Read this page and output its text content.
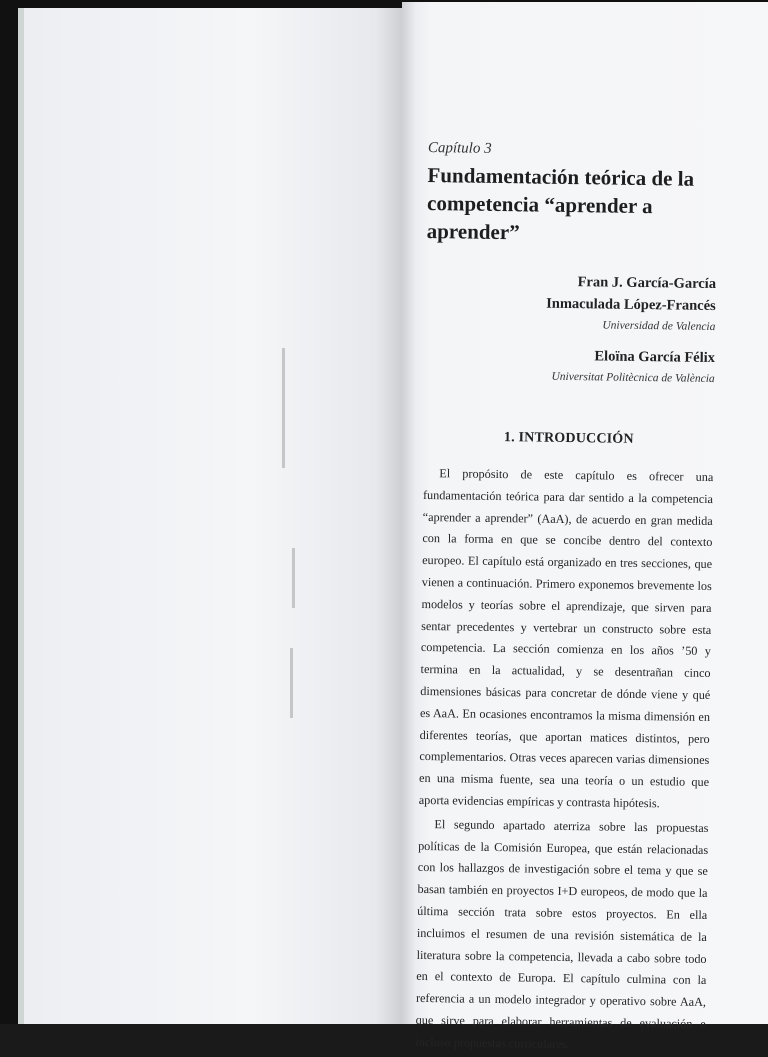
Capítulo 3

Fundamentación teórica de la competencia “aprender a aprender”
Fran J. García-García
Inmaculada López-Francés
Universidad de Valencia
Eloïna García Félix
Universitat Politècnica de València
1. INTRODUCCIÓN

El propósito de este capítulo es ofrecer una fundamentación teórica para dar sentido a la competencia “aprender a aprender” (AaA), de acuerdo en gran medida con la forma en que se concibe dentro del contexto europeo. El capítulo está organizado en tres secciones, que vienen a continuación. Primero exponemos brevemente los modelos y teorías sobre el aprendizaje, que sirven para sentar precedentes y vertebrar un constructo sobre esta competencia. La sección comienza en los años ’50 y termina en la actualidad, y se desentrañan cinco dimensiones básicas para concretar de dónde viene y qué es AaA. En ocasiones encontramos la misma dimensión en diferentes teorías, que aportan matices distintos, pero complementarios. Otras veces aparecen varias dimensiones en una misma fuente, sea una teoría o un estudio que aporta evidencias empíricas y contrasta hipótesis.

El segundo apartado aterriza sobre las propuestas políticas de la Comisión Europea, que están relacionadas con los hallazgos de investigación sobre el tema y que se basan también en proyectos I+D europeos, de modo que la última sección trata sobre estos proyectos. En ella incluimos el resumen de una revisión sistemática de la literatura sobre la competencia, llevada a cabo sobre todo en el contexto de Europa. El capítulo culmina con la referencia a un modelo integrador y operativo sobre AaA, que sirve para elaborar herramientas de evaluación e incluso propuestas curriculares.
